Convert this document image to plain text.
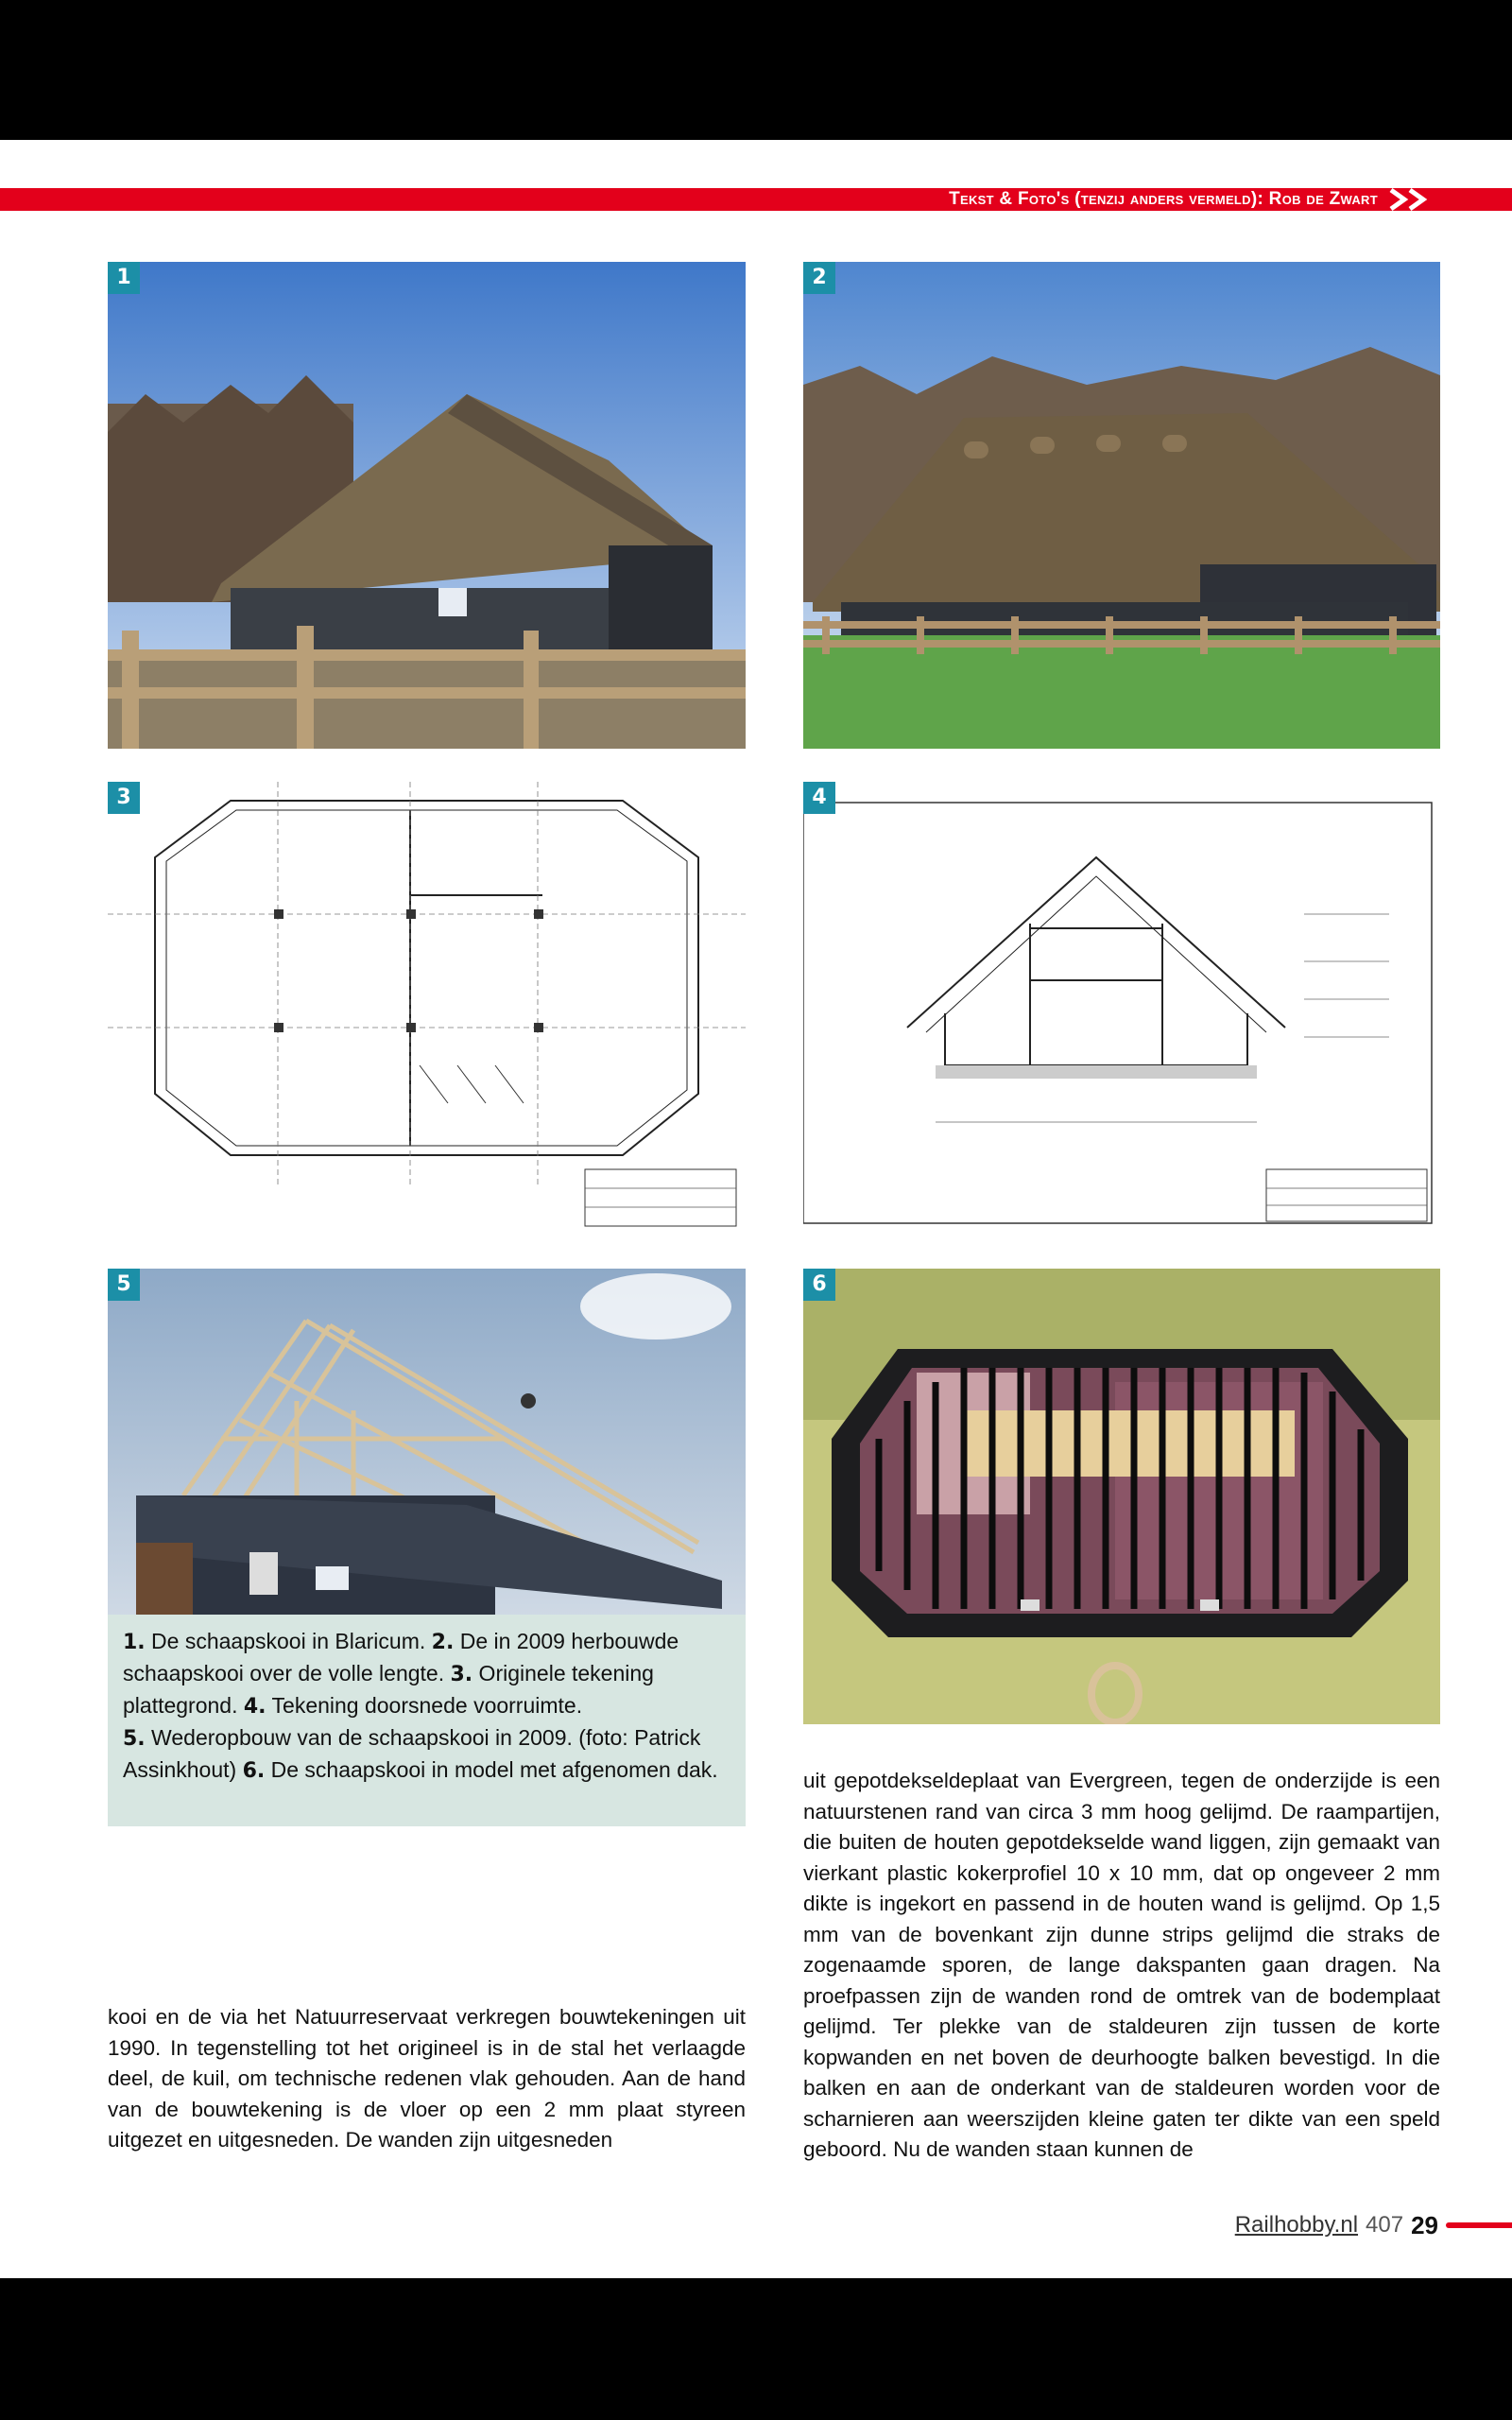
Tekst & Foto's (tenzij anders vermeld): Rob de Zwart
1	2
3	4
5	6
1. De schaapskooi in Blaricum. 2. De in 2009 herbouwde schaapskooi over de volle lengte. 3. Originele tekening plattegrond. 4. Tekening doorsnede voorruimte.
5. Wederopbouw van de schaapskooi in 2009. (foto: Patrick Assinkhout) 6. De schaapskooi in model met afgenomen dak.
kooi en de via het Natuurreservaat verkregen bouwtekeningen uit 1990. In tegenstelling tot het origineel is in de stal het verlaagde deel, de kuil, om technische redenen vlak gehouden. Aan de hand van de bouwtekening is de vloer op een 2 mm plaat styreen uitgezet en uitgesneden. De wanden zijn uitgesneden
uit gepotdekseldeplaat van Evergreen, tegen de onderzijde is een natuurstenen rand van circa 3 mm hoog gelijmd. De raampartijen, die buiten de houten gepotdekselde wand liggen, zijn gemaakt van vierkant plastic kokerprofiel 10 x 10 mm, dat op ongeveer 2 mm dikte is ingekort en passend in de houten wand is gelijmd. Op 1,5 mm van de bovenkant zijn dunne strips gelijmd die straks de zogenaamde sporen, de lange dakspanten gaan dragen. Na proefpassen zijn de wanden rond de omtrek van de bodemplaat gelijmd. Ter plekke van de staldeuren zijn tussen de korte kopwanden en net boven de deurhoogte balken bevestigd. In die balken en aan de onderkant van de staldeuren worden voor de scharnieren aan weerszijden kleine gaten ter dikte van een speld geboord. Nu de wanden staan kunnen de
Railhobby.nl 407 29
